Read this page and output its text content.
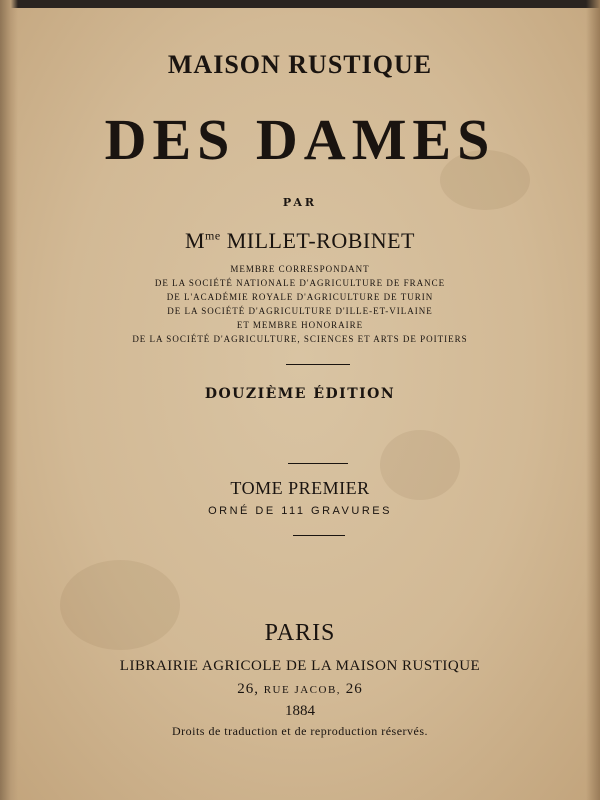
MAISON RUSTIQUE
DES DAMES
PAR
$M^{me}$ MILLET-ROBINET
MEMBRE CORRESPONDANT
DE LA SOCIÉTÉ NATIONALE D'AGRICULTURE DE FRANCE
DE L'ACADÉMIE ROYALE D'AGRICULTURE DE TURIN
DE LA SOCIÉTÉ D'AGRICULTURE D'ILLE-ET-VILAINE
ET MEMBRE HONORAIRE
DE LA SOCIÉTÉ D'AGRICULTURE, SCIENCES ET ARTS DE POITIERS
DOUZIÈME ÉDITION
TOME PREMIER
ORNÉ DE 111 GRAVURES
PARIS
LIBRAIRIE AGRICOLE DE LA MAISON RUSTIQUE
26, RUE JACOB, 26
1884
Droits de traduction et de reproduction réservés.
